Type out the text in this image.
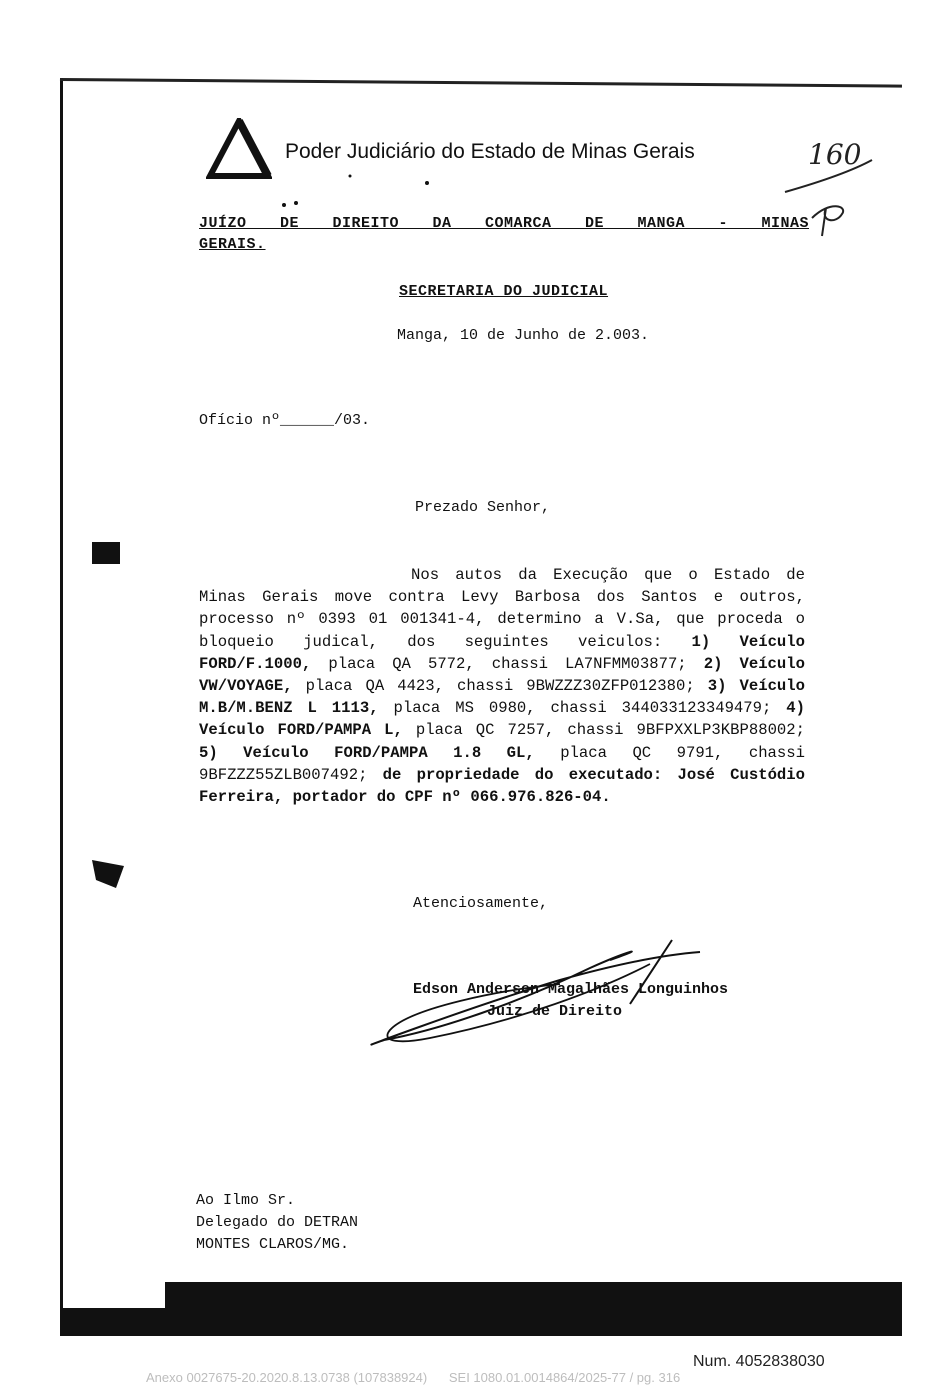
Poder Judiciário do Estado de Minas Gerais	160
JUÍZO DE DIREITO DA COMARCA DE MANGA - MINAS
GERAIS.
SECRETARIA DO JUDICIAL
Manga, 10 de Junho de 2.003.
Ofício nº______/03.
Prezado Senhor,
Nos autos da Execução que o Estado de Minas Gerais move contra Levy Barbosa dos Santos e outros, processo nº 0393 01 001341-4, determino a V.Sa, que proceda o bloqueio judical, dos seguintes veiculos: 1) Veículo FORD/F.1000, placa QA 5772, chassi LA7NFMM03877; 2) Veículo VW/VOYAGE, placa QA 4423, chassi 9BWZZZ30ZFP012380; 3) Veículo M.B/M.BENZ L 1113, placa MS 0980, chassi 344033123349479; 4) Veículo FORD/PAMPA L, placa QC 7257, chassi 9BFPXXLP3KBP88002; 5) Veículo FORD/PAMPA 1.8 GL, placa QC 9791, chassi 9BFZZZ55ZLB007492; de propriedade do executado: José Custódio Ferreira, portador do CPF nº 066.976.826-04.
Atenciosamente,
Edson Andersen Magalhães Longuinhos
Juiz de Direito
Ao Ilmo Sr.
Delegado do DETRAN
MONTES CLAROS/MG.
Num. 4052838030
Anexo 0027675-20.2020.8.13.0738 (107838924)      SEI 1080.01.0014864/2025-77 / pg. 316
